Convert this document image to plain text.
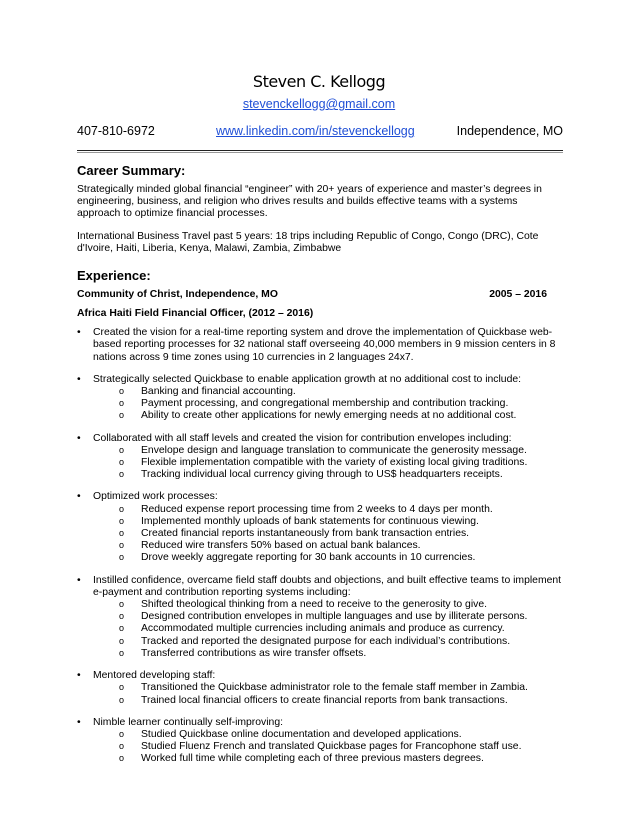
Steven C. Kellogg
stevenckellogg@gmail.com
407-810-6972	www.linkedin.com/in/stevenckellogg	Independence, MO
Career Summary:

Strategically minded global financial “engineer” with 20+ years of experience and master’s degrees in engineering, business, and religion who drives results and builds effective teams with a systems approach to optimize financial processes.

International Business Travel past 5 years: 18 trips including Republic of Congo, Congo (DRC), Cote d'Ivoire, Haiti, Liberia, Kenya, Malawi, Zambia, Zimbabwe

Experience:
Community of Christ, Independence, MO	2005 – 2016
Africa Haiti Field Financial Officer, (2012 – 2016)
• Created the vision for a real-time reporting system and drove the implementation of Quickbase web-based reporting processes for 32 national staff overseeing 40,000 members in 9 mission centers in 8 nations across 9 time zones using 10 currencies in 2 languages 24x7.
• Strategically selected Quickbase to enable application growth at no additional cost to include:
o Banking and financial accounting.
o Payment processing, and congregational membership and contribution tracking.
o Ability to create other applications for newly emerging needs at no additional cost.
• Collaborated with all staff levels and created the vision for contribution envelopes including:
o Envelope design and language translation to communicate the generosity message.
o Flexible implementation compatible with the variety of existing local giving traditions.
o Tracking individual local currency giving through to US$ headquarters receipts.
• Optimized work processes:
o Reduced expense report processing time from 2 weeks to 4 days per month.
o Implemented monthly uploads of bank statements for continuous viewing.
o Created financial reports instantaneously from bank transaction entries.
o Reduced wire transfers 50% based on actual bank balances.
o Drove weekly aggregate reporting for 30 bank accounts in 10 currencies.
• Instilled confidence, overcame field staff doubts and objections, and built effective teams to implement e-payment and contribution reporting systems including:
o Shifted theological thinking from a need to receive to the generosity to give.
o Designed contribution envelopes in multiple languages and use by illiterate persons.
o Accommodated multiple currencies including animals and produce as currency.
o Tracked and reported the designated purpose for each individual’s contributions.
o Transferred contributions as wire transfer offsets.
• Mentored developing staff:
o Transitioned the Quickbase administrator role to the female staff member in Zambia.
o Trained local financial officers to create financial reports from bank transactions.
• Nimble learner continually self-improving:
o Studied Quickbase online documentation and developed applications.
o Studied Fluenz French and translated Quickbase pages for Francophone staff use.
o Worked full time while completing each of three previous masters degrees.
